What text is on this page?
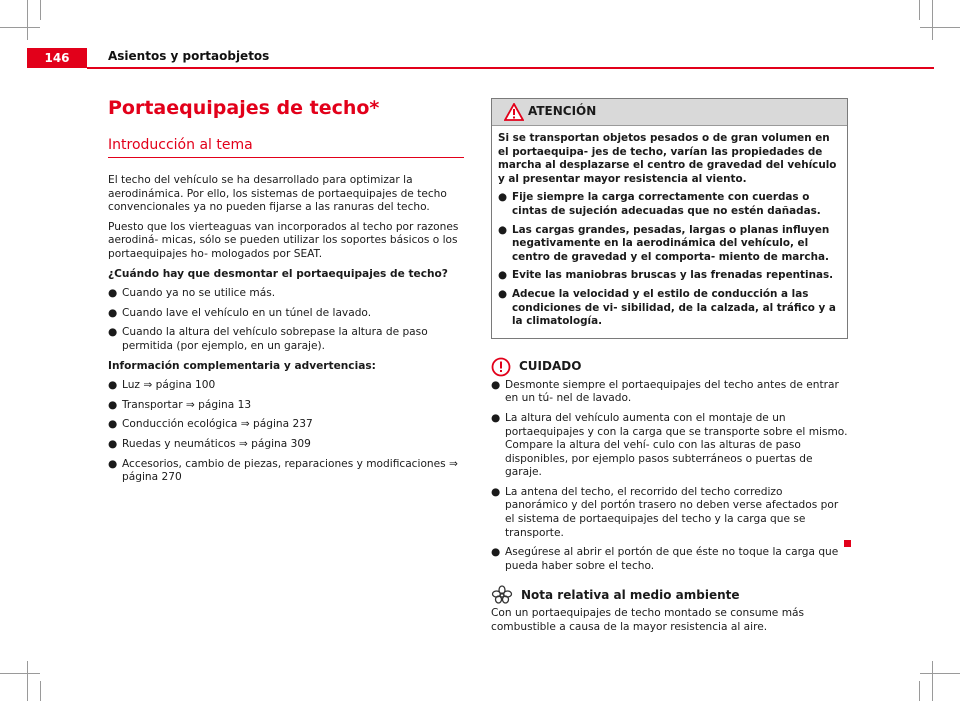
146	Asientos y portaobjetos
Portaequipajes de techo*
Introducción al tema

El techo del vehículo se ha desarrollado para optimizar la aerodinámica. Por ello, los sistemas de portaequipajes de techo convencionales ya no pueden fijarse a las ranuras del techo.

Puesto que los vierteaguas van incorporados al techo por razones aerodiná- micas, sólo se pueden utilizar los soportes básicos o los portaequipajes ho- mologados por SEAT.

¿Cuándo hay que desmontar el portaequipajes de techo?

● Cuando ya no se utilice más.
● Cuando lave el vehículo en un túnel de lavado.
● Cuando la altura del vehículo sobrepase la altura de paso permitida (por ejemplo, en un garaje).

Información complementaria y advertencias:

● Luz ⇒ página 100
● Transportar ⇒ página 13
● Conducción ecológica ⇒ página 237
● Ruedas y neumáticos ⇒ página 309
● Accesorios, cambio de piezas, reparaciones y modificaciones ⇒ página 270
ATENCIÓN

Si se transportan objetos pesados o de gran volumen en el portaequipa- jes de techo, varían las propiedades de marcha al desplazarse el centro de gravedad del vehículo y al presentar mayor resistencia al viento.

● Fije siempre la carga correctamente con cuerdas o cintas de sujeción adecuadas que no estén dañadas.
● Las cargas grandes, pesadas, largas o planas influyen negativamente en la aerodinámica del vehículo, el centro de gravedad y el comporta- miento de marcha.
● Evite las maniobras bruscas y las frenadas repentinas.
● Adecue la velocidad y el estilo de conducción a las condiciones de vi- sibilidad, de la calzada, al tráfico y a la climatología.
CUIDADO
● Desmonte siempre el portaequipajes del techo antes de entrar en un tú- nel de lavado.
● La altura del vehículo aumenta con el montaje de un portaequipajes y con la carga que se transporte sobre el mismo. Compare la altura del vehí- culo con las alturas de paso disponibles, por ejemplo pasos subterráneos o puertas de garaje.
● La antena del techo, el recorrido del techo corredizo panorámico y del portón trasero no deben verse afectados por el sistema de portaequipajes del techo y la carga que se transporte.
● Asegúrese al abrir el portón de que éste no toque la carga que pueda haber sobre el techo.
Nota relativa al medio ambiente

Con un portaequipajes de techo montado se consume más combustible a causa de la mayor resistencia al aire.
